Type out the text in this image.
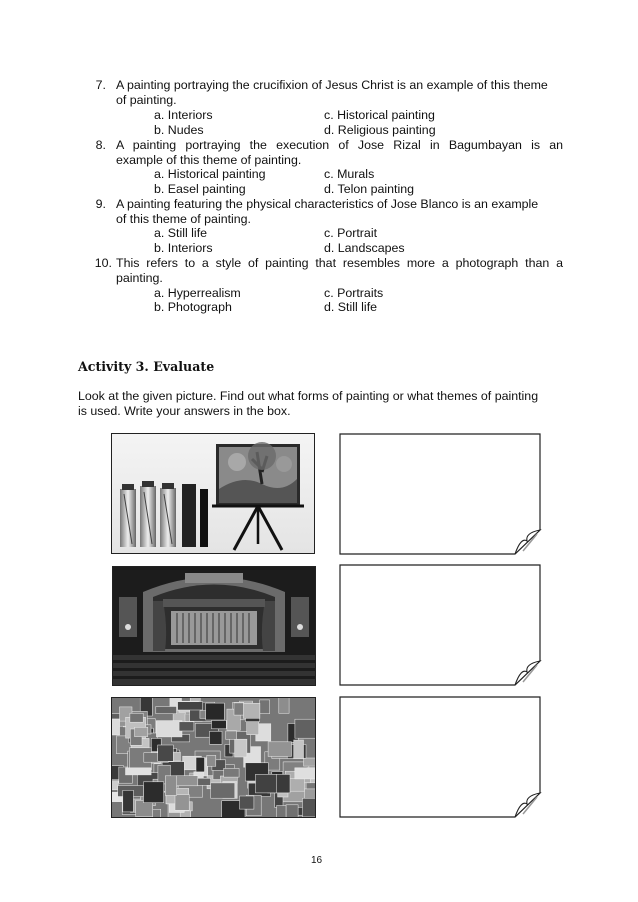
7. A painting portraying the crucifixion of Jesus Christ is an example of this theme
of painting.
a. Interiors	c. Historical painting
b. Nudes	d. Religious painting
8. A painting portraying the execution of Jose Rizal in Bagumbayan is an
example of this theme of painting.
a. Historical painting	c. Murals
b. Easel painting	d. Telon painting
9. A painting featuring the physical characteristics of Jose Blanco is an example
of this theme of painting.
a. Still life	c. Portrait
b. Interiors	d. Landscapes
10. This refers to a style of painting that resembles more a photograph than a
painting.
a. Hyperrealism	c. Portraits
b. Photograph	d. Still life
Activity 3. Evaluate
Look at the given picture. Find out what forms of painting or what themes of painting
is used. Write your answers in the box.
16
